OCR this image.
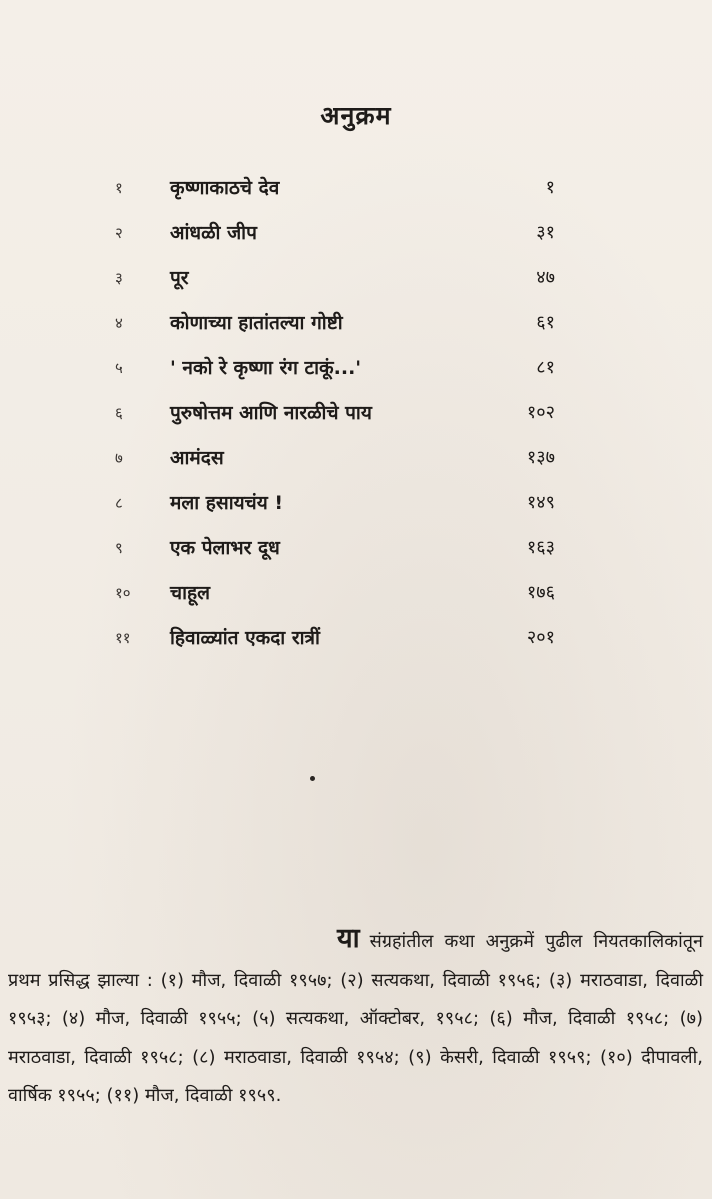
अनुक्रम
१	कृष्णाकाठचे देव	१
२	आंधळी जीप	३१
३	पूर	४७
४	कोणाच्या हातांतल्या गोष्टी	६१
५	' नको रे कृष्णा रंग टाकूं...'	८१
६	पुरुषोत्तम आणि नारळीचे पाय	१०२
७	आमंदस	१३७
८	मला हसायचंय !	१४९
९	एक पेलाभर दूध	१६३
१०	चाहूल	१७६
११	हिवाळ्यांत एकदा रात्रीं	२०१

यासंग्रहांतील कथा अनुक्रमें पुढील नियतकालिकांतून प्रथम प्रसिद्ध झाल्या : (१) मौज, दिवाळी १९५७; (२) सत्यकथा, दिवाळी १९५६; (३) मराठवाडा, दिवाळी १९५३; (४) मौज, दिवाळी १९५५; (५) सत्यकथा, ऑक्टोबर, १९५८; (६) मौज, दिवाळी १९५८; (७) मराठवाडा, दिवाळी १९५८; (८) मराठवाडा, दिवाळी १९५४; (९) केसरी, दिवाळी १९५९; (१०) दीपावली, वार्षिक १९५५; (११) मौज, दिवाळी १९५९.
